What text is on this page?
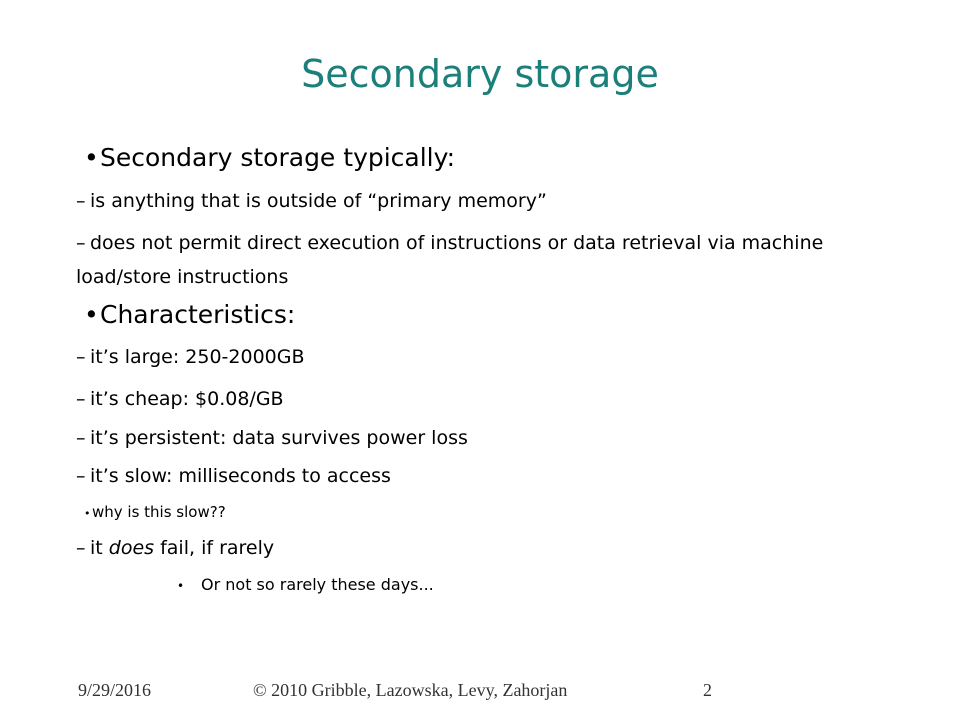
Secondary storage
•Secondary storage typically:
– is anything that is outside of “primary memory”
– does not permit direct execution of instructions or data retrieval via machine load/store instructions
•Characteristics:
– it’s large: 250-2000GB
– it’s cheap: $0.08/GB
– it’s persistent: data survives power loss
– it’s slow: milliseconds to access
• why is this slow??
– it does fail, if rarely
• Or not so rarely these days...
9/29/2016	© 2010 Gribble, Lazowska, Levy, Zahorjan	2
